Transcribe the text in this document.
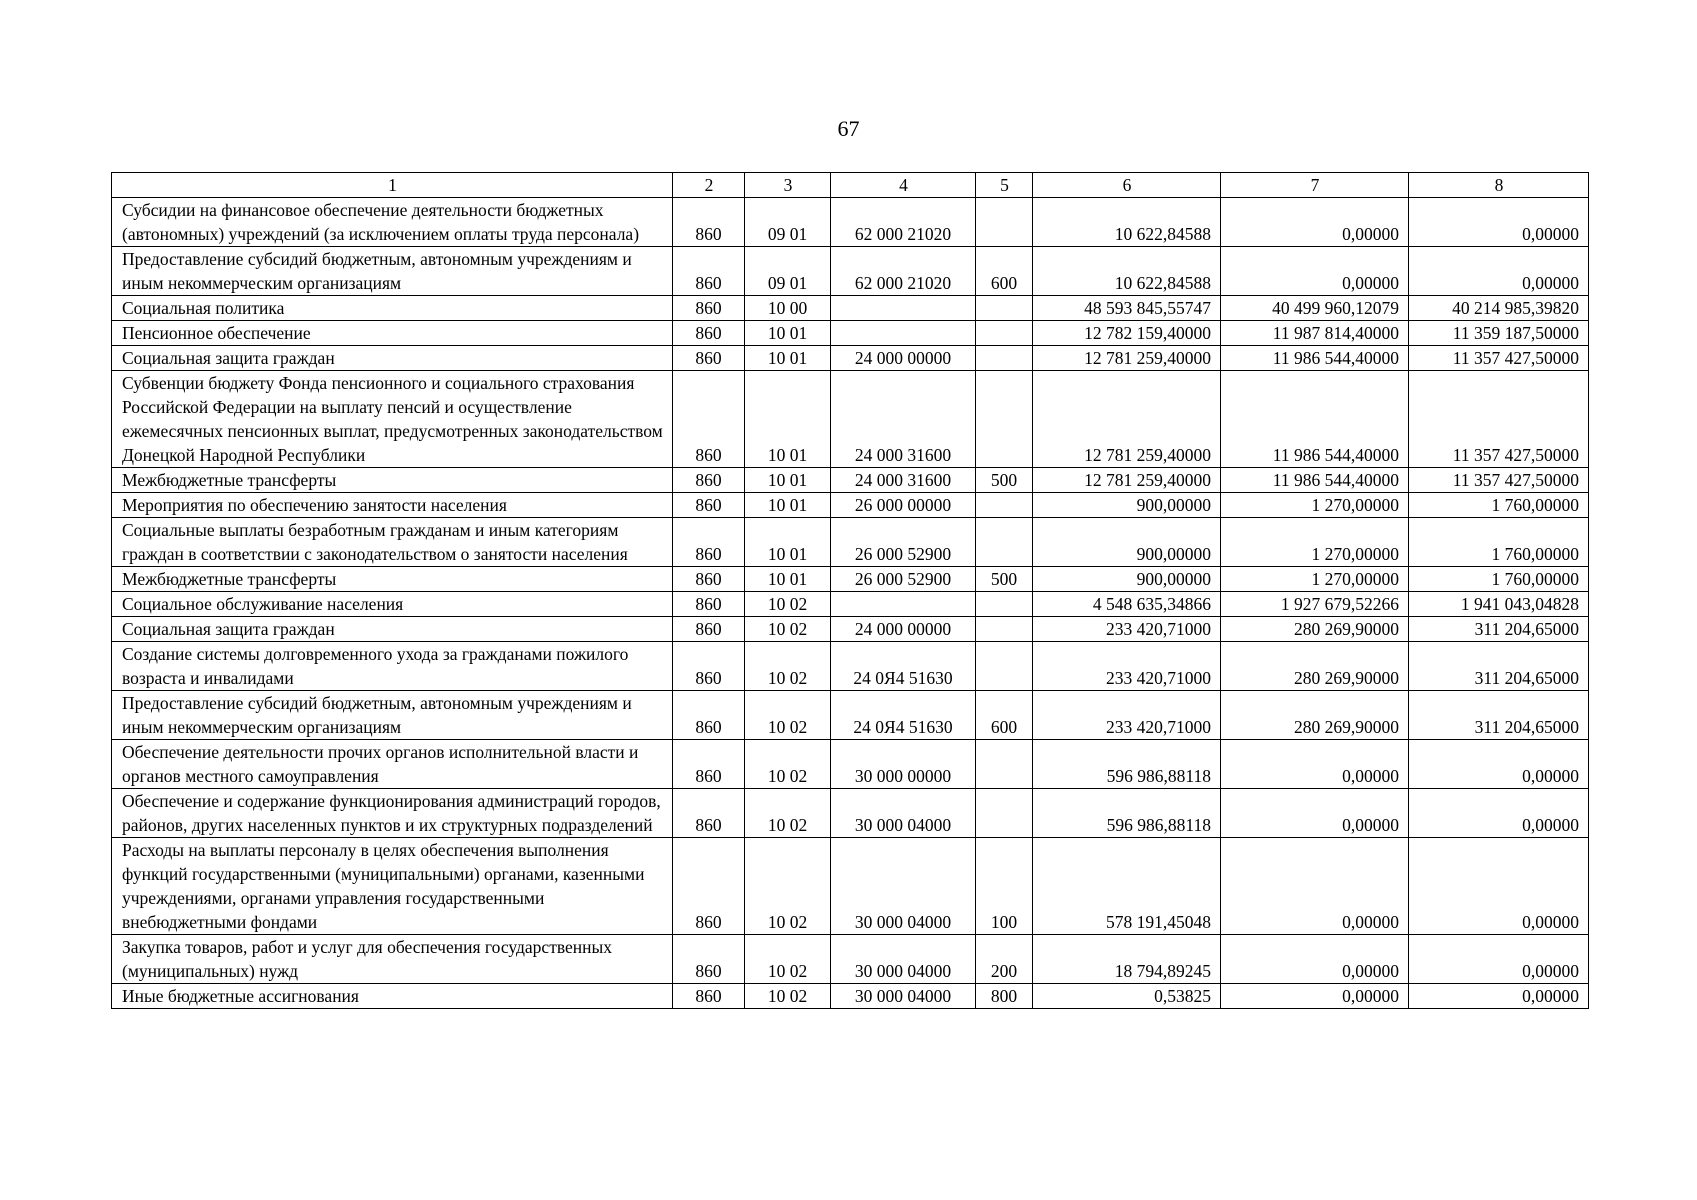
67
1	2	3	4	5	6	7	8
Субсидии на финансовое обеспечение деятельности бюджетных (автономных) учреждений (за исключением оплаты труда персонала)	860	09 01	62 000 21020		10 622,84588	0,00000	0,00000
Предоставление субсидий бюджетным, автономным учреждениям и иным некоммерческим организациям	860	09 01	62 000 21020	600	10 622,84588	0,00000	0,00000
Социальная политика	860	10 00			48 593 845,55747	40 499 960,12079	40 214 985,39820
Пенсионное обеспечение	860	10 01			12 782 159,40000	11 987 814,40000	11 359 187,50000
Социальная защита граждан	860	10 01	24 000 00000		12 781 259,40000	11 986 544,40000	11 357 427,50000
Субвенции бюджету Фонда пенсионного и социального страхования Российской Федерации на выплату пенсий и осуществление ежемесячных пенсионных выплат, предусмотренных законодательством Донецкой Народной Республики	860	10 01	24 000 31600		12 781 259,40000	11 986 544,40000	11 357 427,50000
Межбюджетные трансферты	860	10 01	24 000 31600	500	12 781 259,40000	11 986 544,40000	11 357 427,50000
Мероприятия по обеспечению занятости населения	860	10 01	26 000 00000		900,00000	1 270,00000	1 760,00000
Социальные выплаты безработным гражданам и иным категориям граждан в соответствии с законодательством о занятости населения	860	10 01	26 000 52900		900,00000	1 270,00000	1 760,00000
Межбюджетные трансферты	860	10 01	26 000 52900	500	900,00000	1 270,00000	1 760,00000
Социальное обслуживание населения	860	10 02			4 548 635,34866	1 927 679,52266	1 941 043,04828
Социальная защита граждан	860	10 02	24 000 00000		233 420,71000	280 269,90000	311 204,65000
Создание системы долговременного ухода за гражданами пожилого возраста и инвалидами	860	10 02	24 0Я4 51630		233 420,71000	280 269,90000	311 204,65000
Предоставление субсидий бюджетным, автономным учреждениям и иным некоммерческим организациям	860	10 02	24 0Я4 51630	600	233 420,71000	280 269,90000	311 204,65000
Обеспечение деятельности прочих органов исполнительной власти и органов местного самоуправления	860	10 02	30 000 00000		596 986,88118	0,00000	0,00000
Обеспечение и содержание функционирования администраций городов, районов, других населенных пунктов и их структурных подразделений	860	10 02	30 000 04000		596 986,88118	0,00000	0,00000
Расходы на выплаты персоналу в целях обеспечения выполнения функций государственными (муниципальными) органами, казенными учреждениями, органами управления государственными внебюджетными фондами	860	10 02	30 000 04000	100	578 191,45048	0,00000	0,00000
Закупка товаров, работ и услуг для обеспечения государственных (муниципальных) нужд	860	10 02	30 000 04000	200	18 794,89245	0,00000	0,00000
Иные бюджетные ассигнования	860	10 02	30 000 04000	800	0,53825	0,00000	0,00000
